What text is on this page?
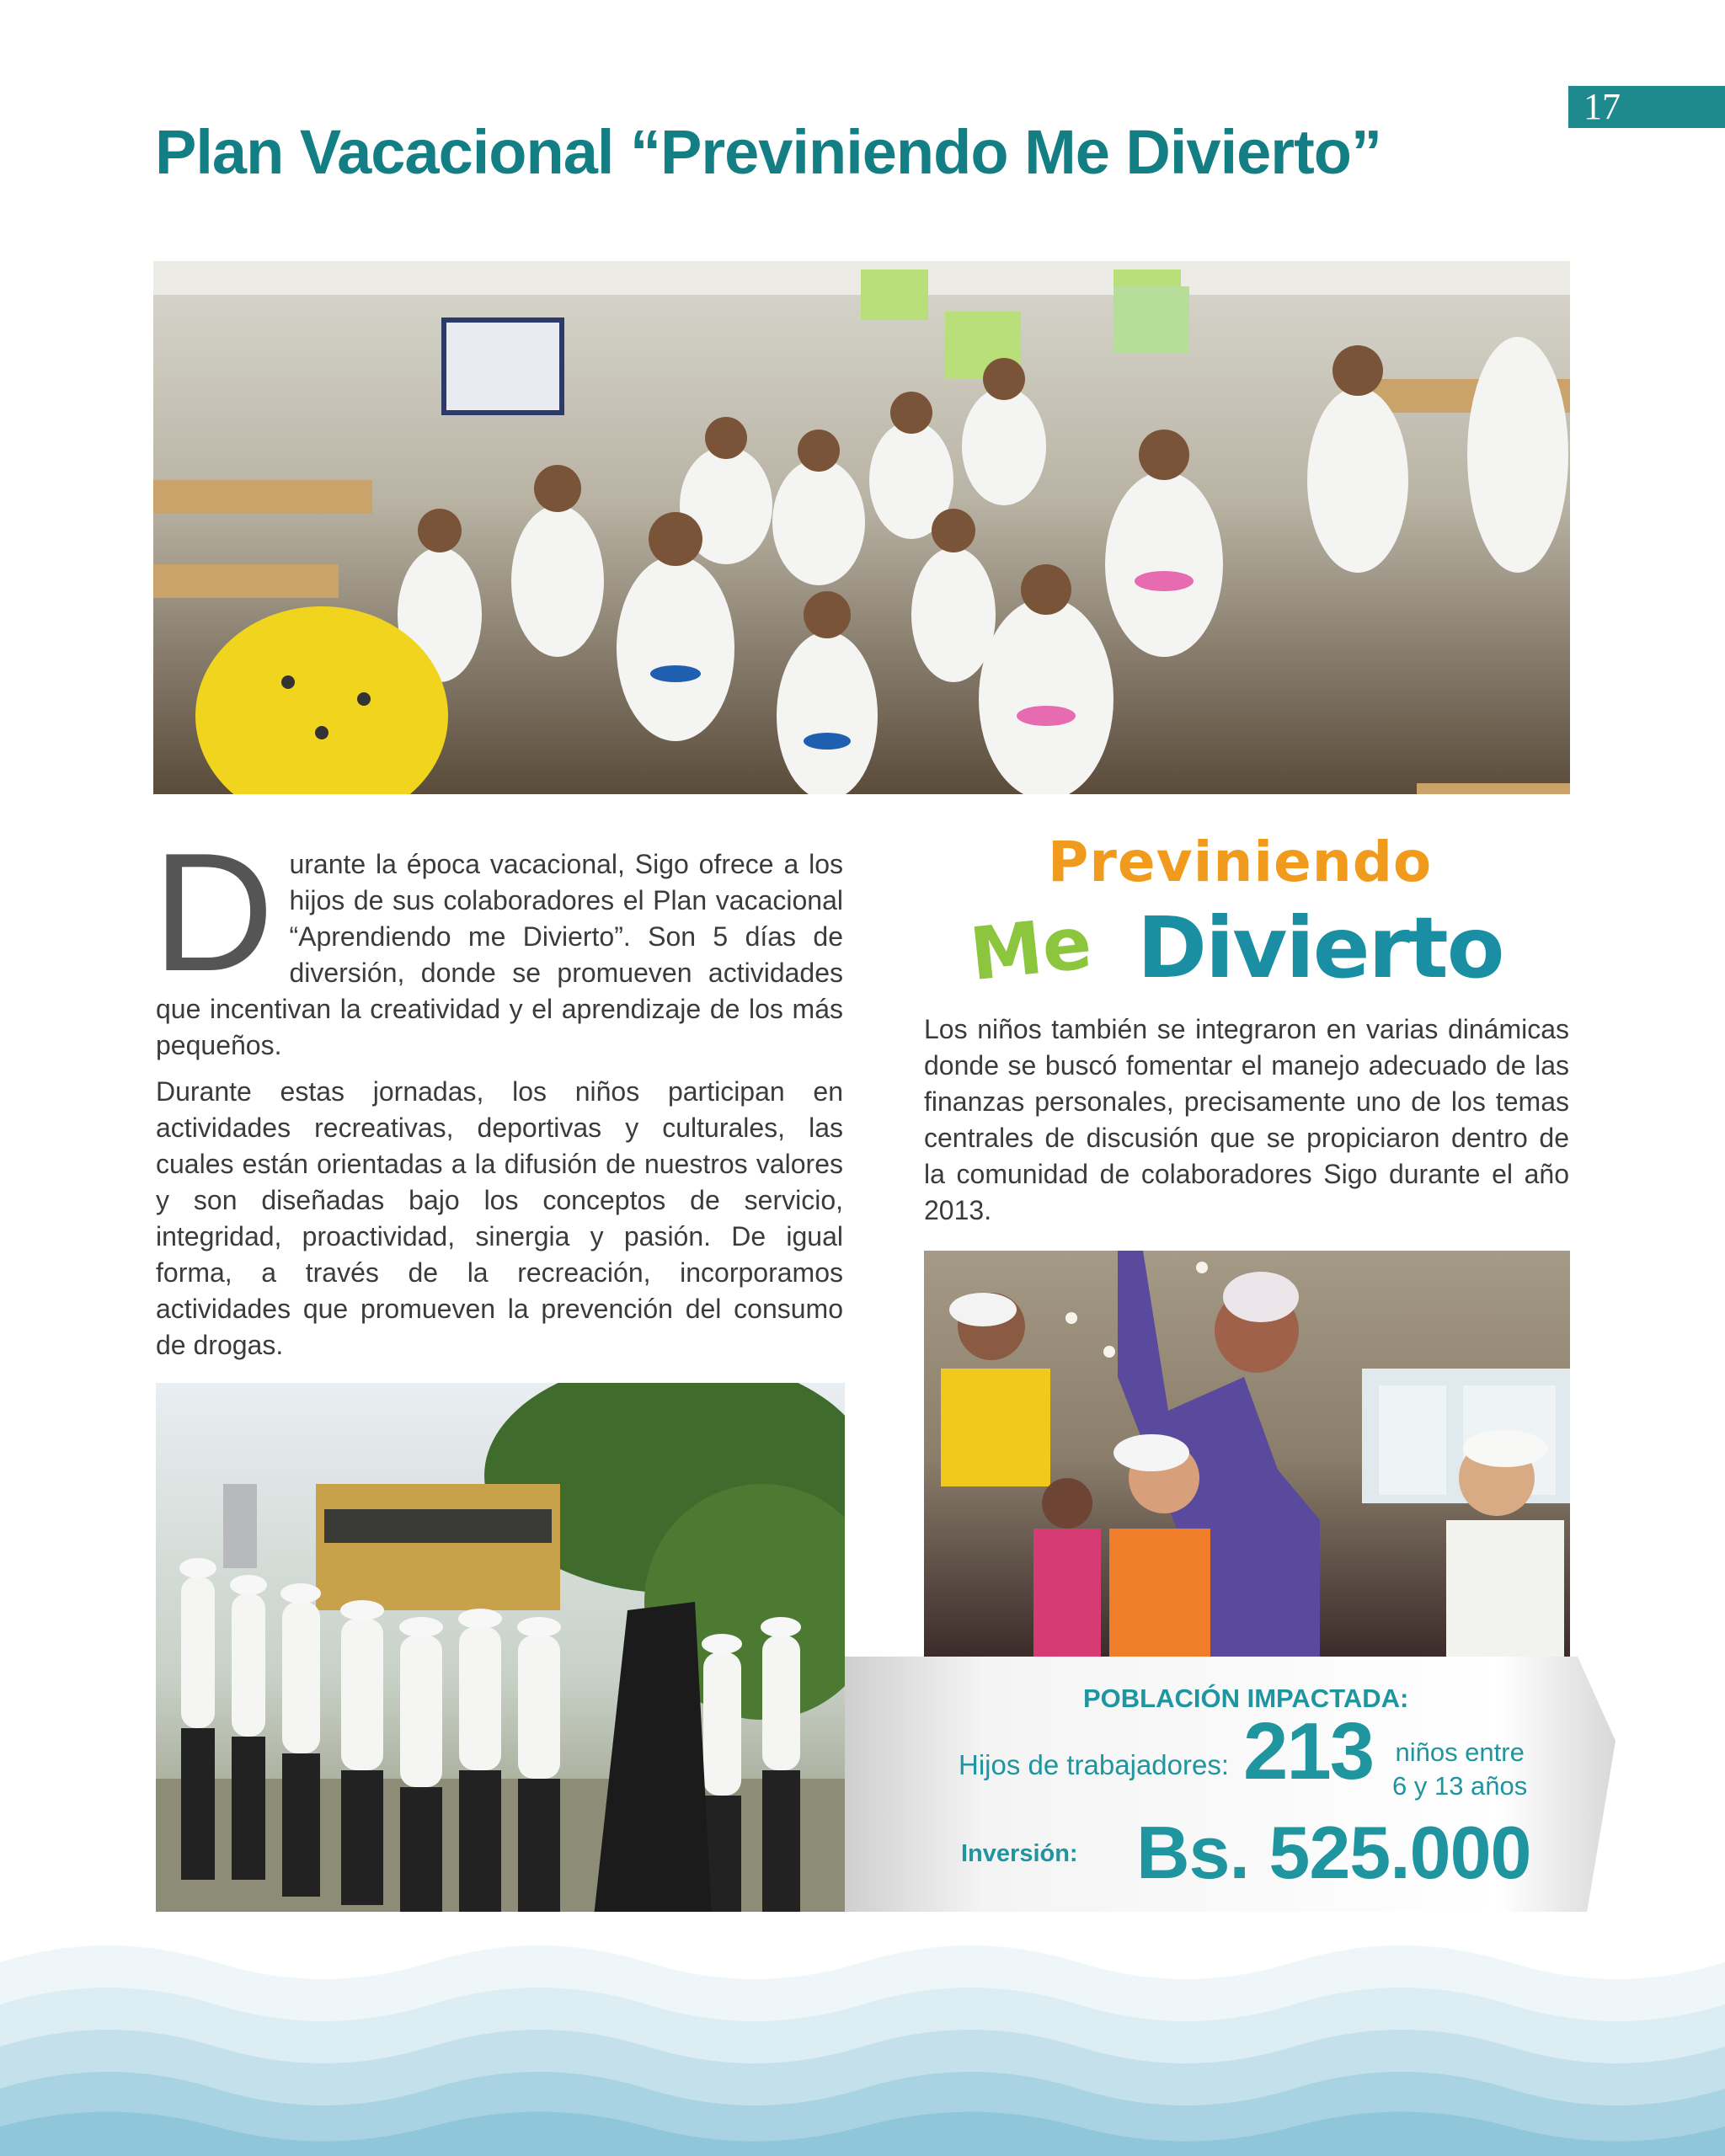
17
Plan Vacacional “Previniendo Me Divierto”
D urante la época vacacional, Sigo ofrece a los hijos de sus colaboradores el Plan vacacional “Aprendiendo me Divierto”. Son 5 días de diversión, donde se promueven actividades que incentivan la creatividad y el aprendizaje de los más pequeños.

Durante estas jornadas, los niños participan en actividades recreativas, deportivas y culturales, las cuales están orientadas a la difusión de nuestros valores y son diseñadas bajo los conceptos de servicio, integridad, proactividad, sinergia y pasión. De igual forma, a través de la recreación, incorporamos actividades que promueven la prevención del consumo de drogas.

Previniendo

Me Divierto

Los niños también se integraron en varias dinámicas donde se buscó fomentar el manejo adecuado de las finanzas personales, precisamente uno de los temas centrales de discusión que se propiciaron dentro de la comunidad de colaboradores Sigo durante el año 2013.

POBLACIÓN IMPACTADA:

Hijos de trabajadores: 213 niños entre
6 y 13 años

Inversión: Bs. 525.000
